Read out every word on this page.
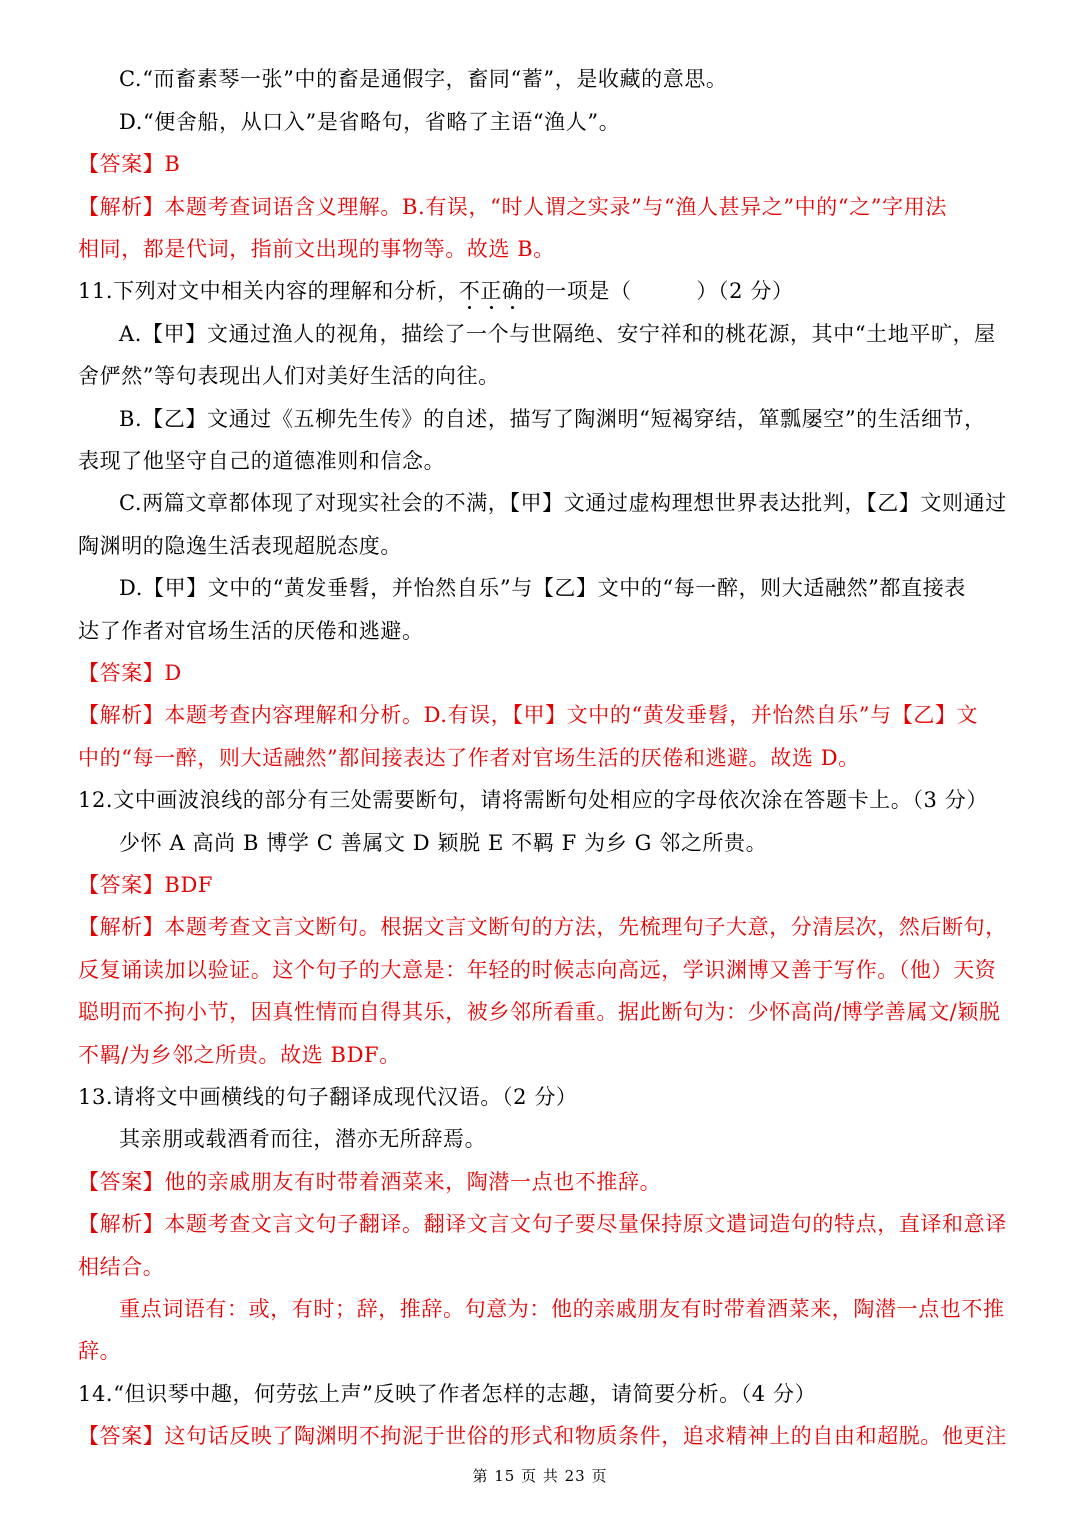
C.“而畜素琴一张”中的畜是通假字，畜同“蓄”，是收藏的意思。
D.“便舍船，从口入”是省略句，省略了主语“渔人”。
【答案】B
【解析】本题考查词语含义理解。B.有误，“时人谓之实录”与“渔人甚异之”中的“之”字用法
相同，都是代词，指前文出现的事物等。故选 B。
11.下列对文中相关内容的理解和分析，不正确的一项是（　　　）（2 分）
A.【甲】文通过渔人的视角，描绘了一个与世隔绝、安宁祥和的桃花源，其中“土地平旷，屋
舍俨然”等句表现出人们对美好生活的向往。
B.【乙】文通过《五柳先生传》的自述，描写了陶渊明“短褐穿结，箪瓢屡空”的生活细节，
表现了他坚守自己的道德准则和信念。
C.两篇文章都体现了对现实社会的不满，【甲】文通过虚构理想世界表达批判，【乙】文则通过
陶渊明的隐逸生活表现超脱态度。
D.【甲】文中的“黄发垂髫，并怡然自乐”与【乙】文中的“每一醉，则大适融然”都直接表
达了作者对官场生活的厌倦和逃避。
【答案】D
【解析】本题考查内容理解和分析。D.有误，【甲】文中的“黄发垂髫，并怡然自乐”与【乙】文
中的“每一醉，则大适融然”都间接表达了作者对官场生活的厌倦和逃避。故选 D。
12.文中画波浪线的部分有三处需要断句，请将需断句处相应的字母依次涂在答题卡上。（3 分）
少怀 A 高尚 B 博学 C 善属文 D 颖脱 E 不羁 F 为乡 G 邻之所贵。
【答案】BDF
【解析】本题考查文言文断句。根据文言文断句的方法，先梳理句子大意，分清层次，然后断句，
反复诵读加以验证。这个句子的大意是：年轻的时候志向高远，学识渊博又善于写作。（他）天资
聪明而不拘小节，因真性情而自得其乐，被乡邻所看重。据此断句为：少怀高尚/博学善属文/颖脱
不羁/为乡邻之所贵。故选 BDF。
13.请将文中画横线的句子翻译成现代汉语。（2 分）
其亲朋或载酒肴而往，潜亦无所辞焉。
【答案】他的亲戚朋友有时带着酒菜来，陶潜一点也不推辞。
【解析】本题考查文言文句子翻译。翻译文言文句子要尽量保持原文遣词造句的特点，直译和意译
相结合。
重点词语有：或，有时；辞，推辞。句意为：他的亲戚朋友有时带着酒菜来，陶潜一点也不推
辞。
14.“但识琴中趣，何劳弦上声”反映了作者怎样的志趣，请简要分析。（4 分）
【答案】这句话反映了陶渊明不拘泥于世俗的形式和物质条件，追求精神上的自由和超脱。他更注
第 15 页 共 23 页
